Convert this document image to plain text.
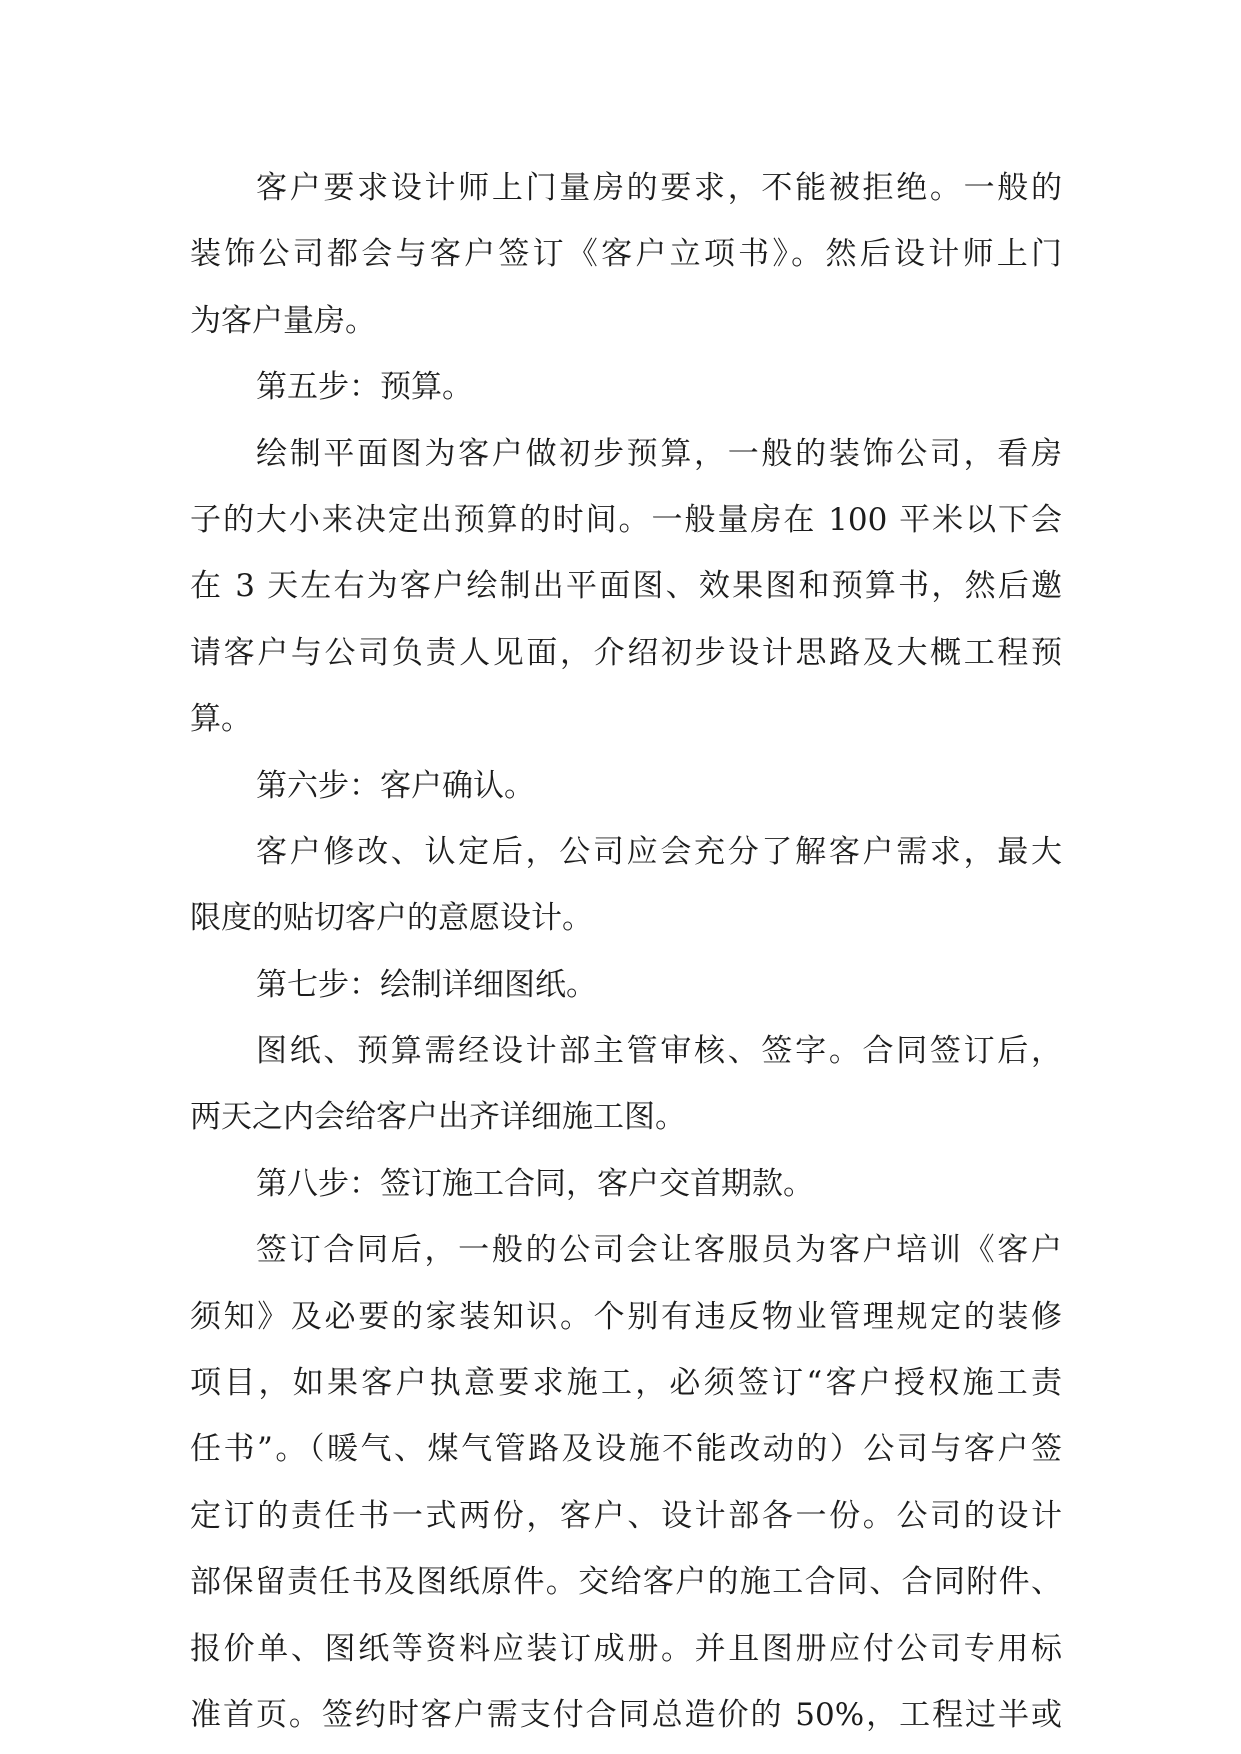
客户要求设计师上门量房的要求，不能被拒绝。一般的
装饰公司都会与客户签订《客户立项书》。然后设计师上门
为客户量房。
第五步：预算。
绘制平面图为客户做初步预算，一般的装饰公司，看房
子的大小来决定出预算的时间。一般量房在 100 平米以下会
在 3 天左右为客户绘制出平面图、效果图和预算书，然后邀
请客户与公司负责人见面，介绍初步设计思路及大概工程预
算。
第六步：客户确认。
客户修改、认定后，公司应会充分了解客户需求，最大
限度的贴切客户的意愿设计。
第七步：绘制详细图纸。
图纸、预算需经设计部主管审核、签字。合同签订后，
两天之内会给客户出齐详细施工图。
第八步：签订施工合同，客户交首期款。
签订合同后，一般的公司会让客服员为客户培训《客户
须知》及必要的家装知识。个别有违反物业管理规定的装修
项目，如果客户执意要求施工，必须签订“客户授权施工责
任书”。（暖气、煤气管路及设施不能改动的）公司与客户签
定订的责任书一式两份，客户、设计部各一份。公司的设计
部保留责任书及图纸原件。交给客户的施工合同、合同附件、
报价单、图纸等资料应装订成册。并且图册应付公司专用标
准首页。签约时客户需支付合同总造价的 50%，工程过半或
